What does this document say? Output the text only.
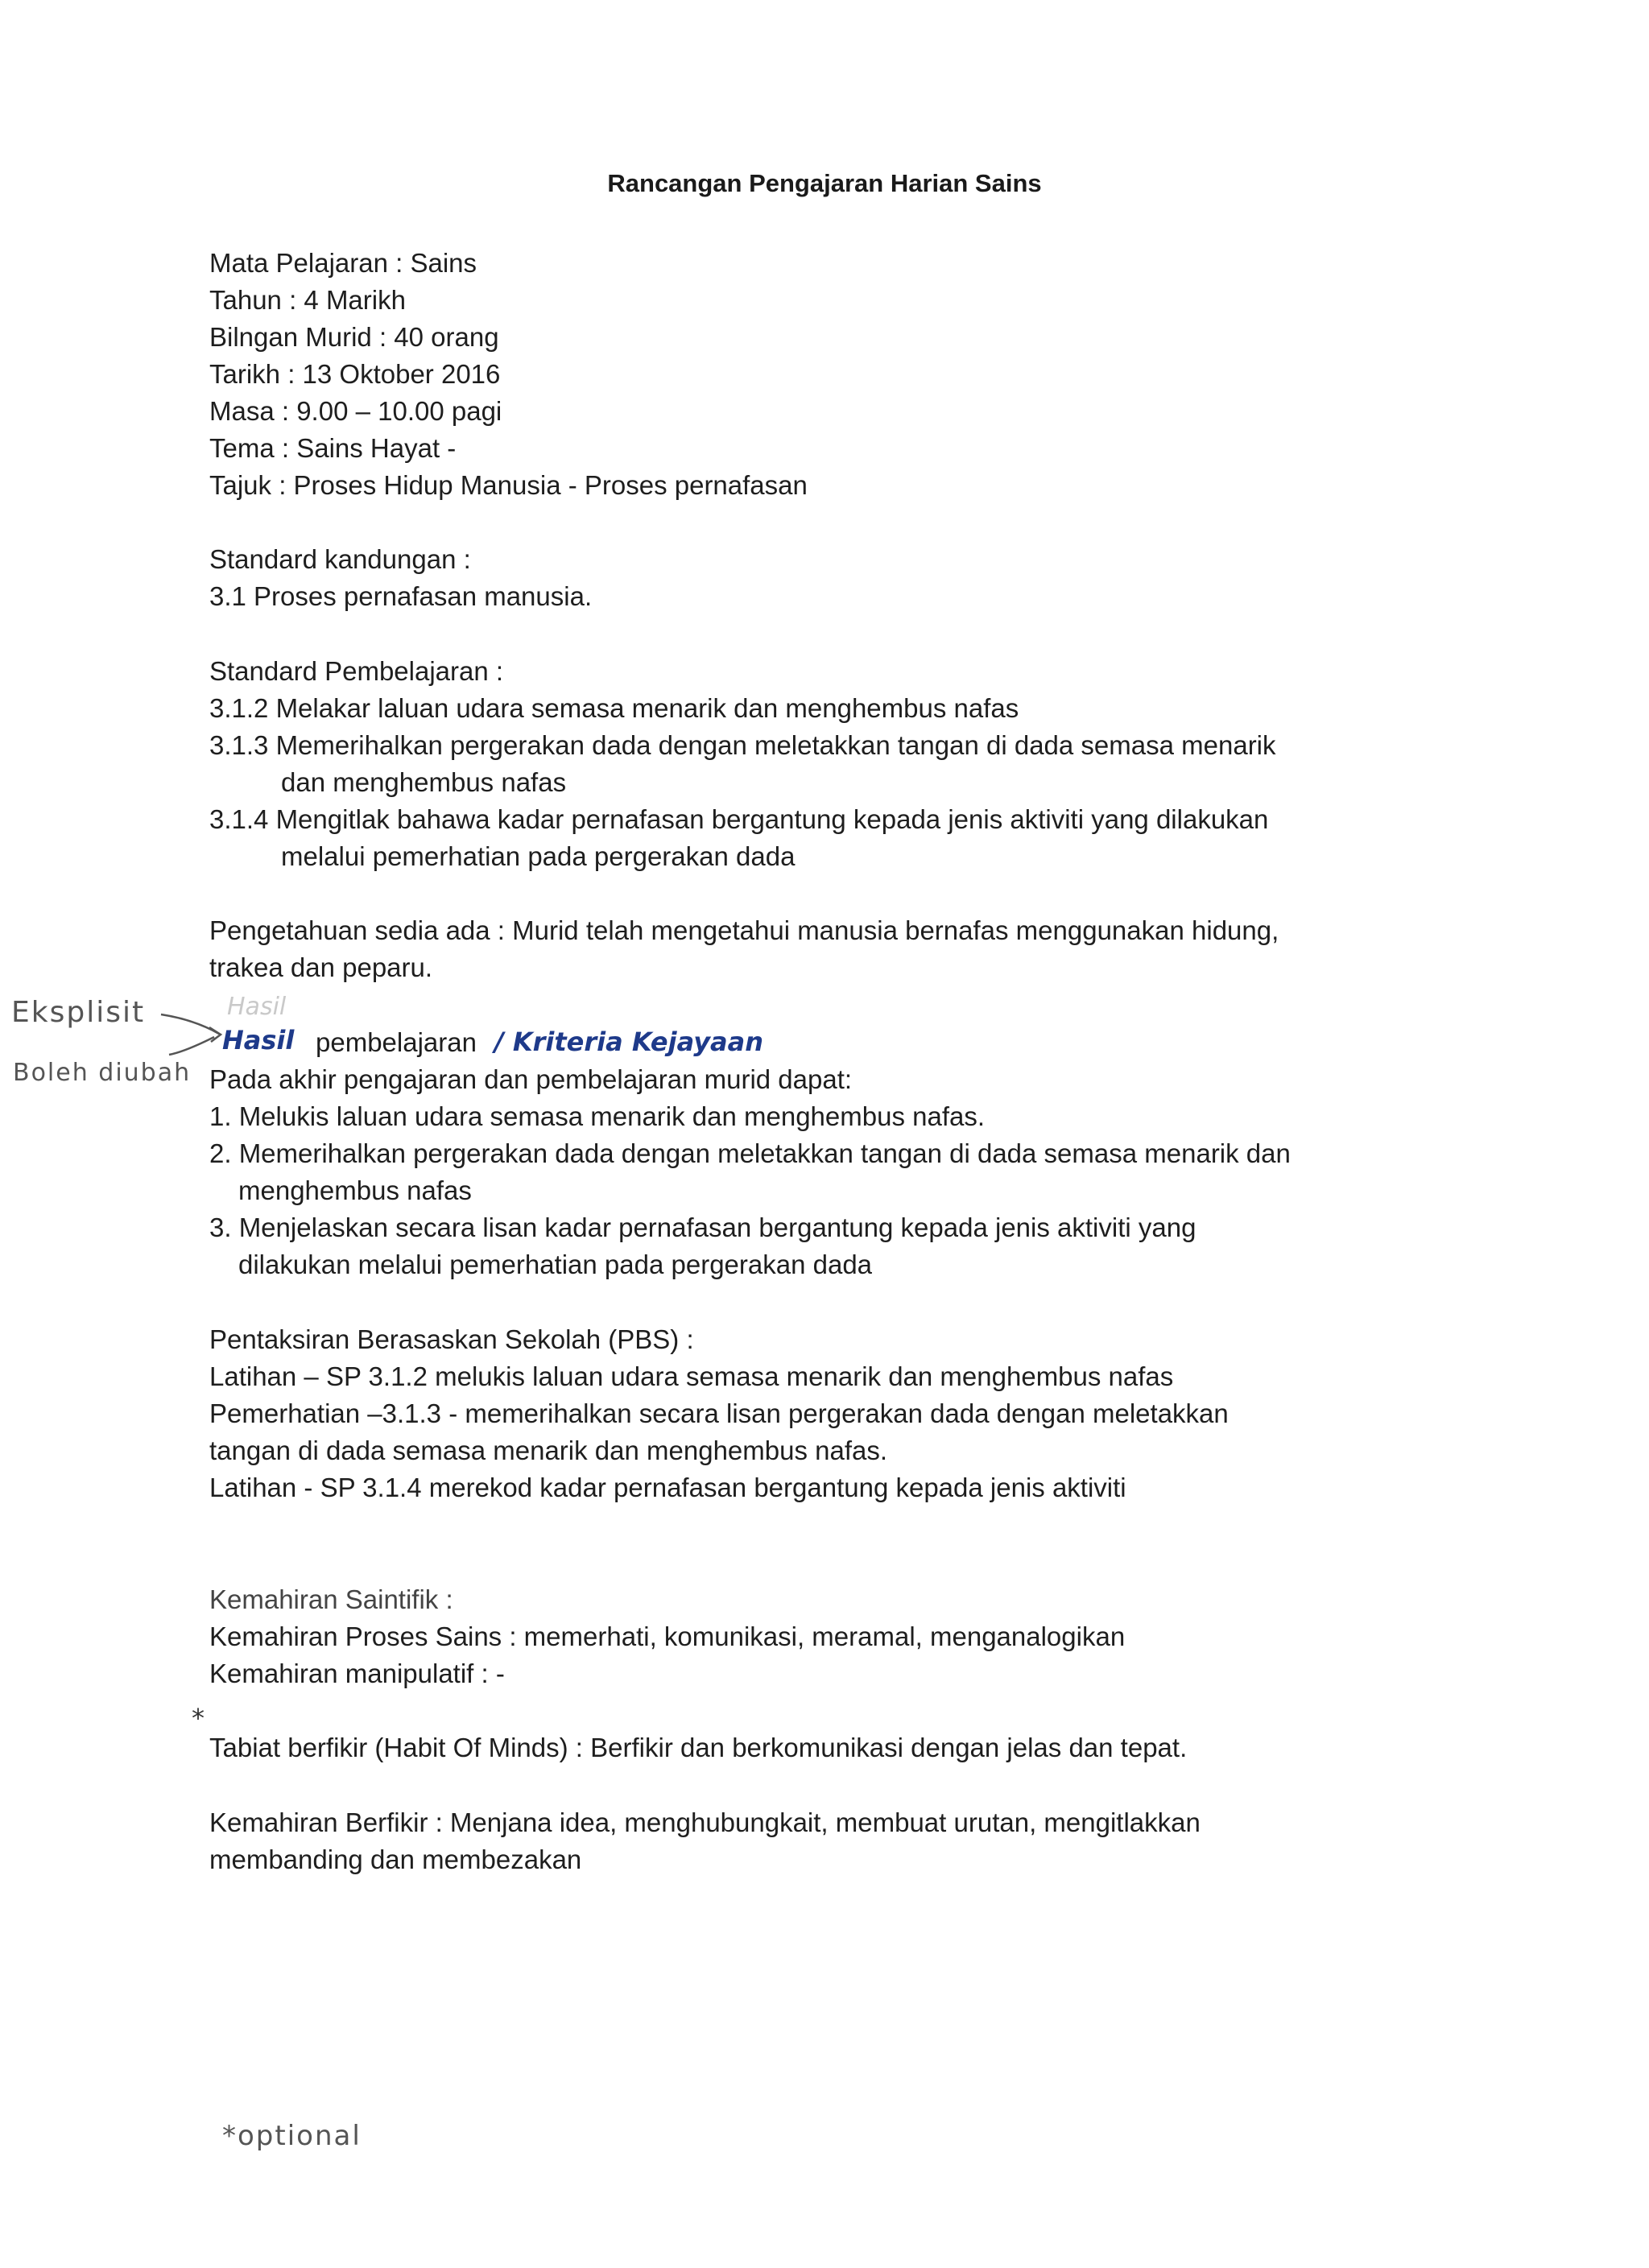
Rancangan Pengajaran Harian Sains
Mata Pelajaran : Sains
Tahun : 4 Marikh
Bilngan Murid : 40 orang
Tarikh : 13 Oktober 2016
Masa : 9.00 – 10.00 pagi
Tema : Sains Hayat -
Tajuk : Proses Hidup Manusia - Proses pernafasan
Standard kandungan :
3.1 Proses pernafasan manusia.
Standard Pembelajaran :
3.1.2 Melakar laluan udara semasa menarik dan menghembus nafas
3.1.3 Memerihalkan pergerakan dada dengan meletakkan tangan di dada semasa menarik
dan menghembus nafas
3.1.4 Mengitlak bahawa kadar pernafasan bergantung kepada jenis aktiviti yang dilakukan
melalui pemerhatian pada pergerakan dada
Pengetahuan sedia ada : Murid telah mengetahui manusia bernafas menggunakan hidung,
trakea dan peparu.
Hasil
Hasil pembelajaran / Kriteria Kejayaan
Pada akhir pengajaran dan pembelajaran murid dapat:
1. Melukis laluan udara semasa menarik dan menghembus nafas.
2. Memerihalkan pergerakan dada dengan meletakkan tangan di dada semasa menarik dan
menghembus nafas
3. Menjelaskan secara lisan kadar pernafasan bergantung kepada jenis aktiviti yang
dilakukan melalui pemerhatian pada pergerakan dada
Pentaksiran Berasaskan Sekolah (PBS) :
Latihan – SP 3.1.2 melukis laluan udara semasa menarik dan menghembus nafas
Pemerhatian –3.1.3 - memerihalkan secara lisan pergerakan dada dengan meletakkan
tangan di dada semasa menarik dan menghembus nafas.
Latihan - SP 3.1.4 merekod kadar pernafasan bergantung kepada jenis aktiviti
Kemahiran Saintifik :
Kemahiran Proses Sains : memerhati, komunikasi, meramal, menganalogikan
Kemahiran manipulatif : -
*
Tabiat berfikir (Habit Of Minds) : Berfikir dan berkomunikasi dengan jelas dan tepat.
Kemahiran Berfikir : Menjana idea, menghubungkait, membuat urutan, mengitlakkan
membanding dan membezakan
Eksplisit
Boleh diubah
*optional
